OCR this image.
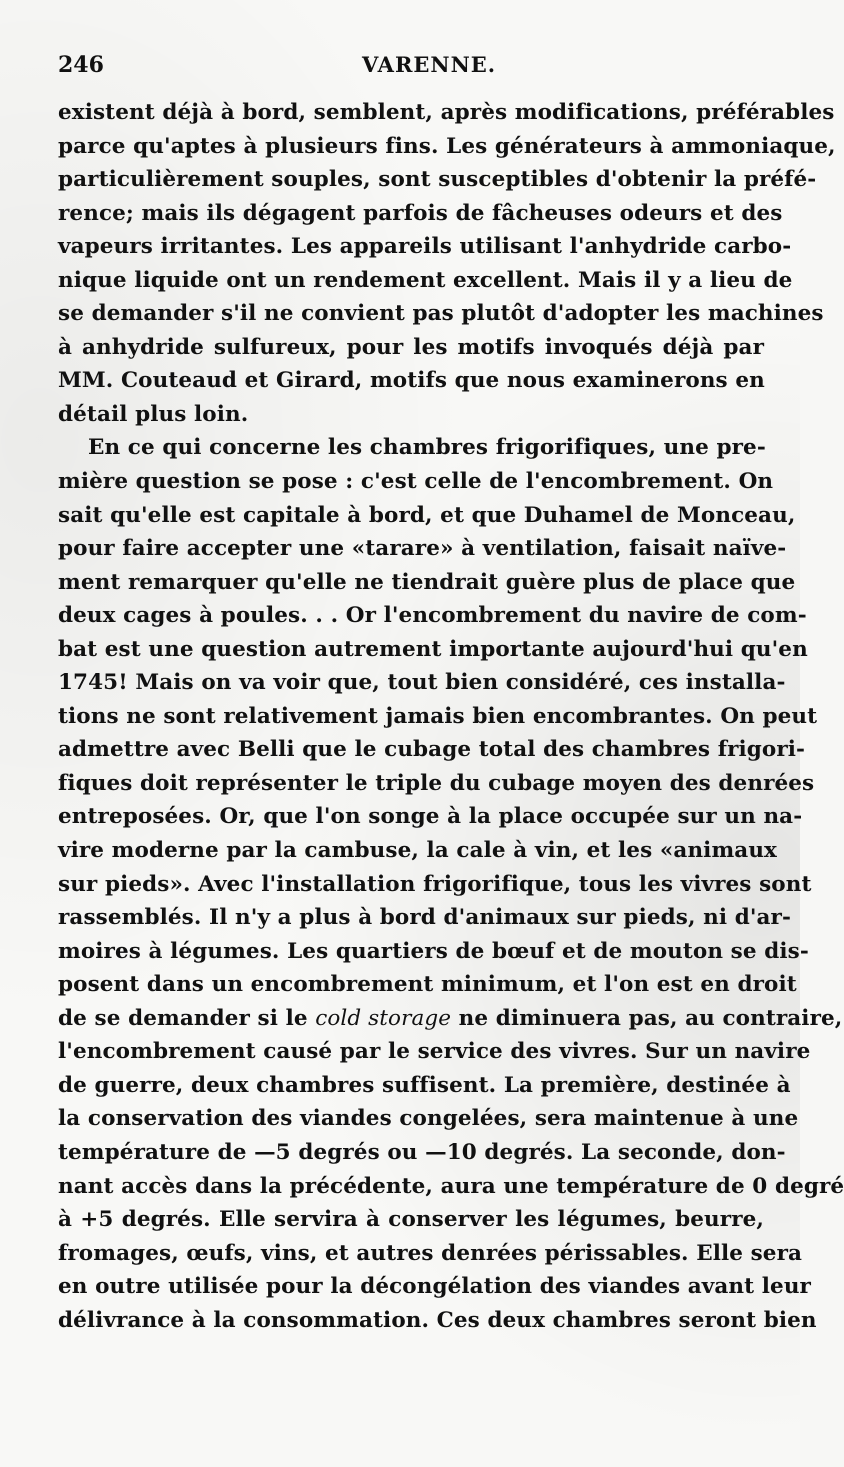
246	VARENNE.
existent déjà à bord, semblent, après modifications, préférables
parce qu'aptes à plusieurs fins. Les générateurs à ammoniaque,
particulièrement souples, sont susceptibles d'obtenir la préfé-
rence; mais ils dégagent parfois de fâcheuses odeurs et des
vapeurs irritantes. Les appareils utilisant l'anhydride carbo-
nique liquide ont un rendement excellent. Mais il y a lieu de
se demander s'il ne convient pas plutôt d'adopter les machines
à anhydride sulfureux, pour les motifs invoqués déjà par
MM. Couteaud et Girard, motifs que nous examinerons en
détail plus loin.
En ce qui concerne les chambres frigorifiques, une pre-
mière question se pose : c'est celle de l'encombrement. On
sait qu'elle est capitale à bord, et que Duhamel de Monceau,
pour faire accepter une «tarare» à ventilation, faisait naïve-
ment remarquer qu'elle ne tiendrait guère plus de place que
deux cages à poules. . . Or l'encombrement du navire de com-
bat est une question autrement importante aujourd'hui qu'en
1745! Mais on va voir que, tout bien considéré, ces installa-
tions ne sont relativement jamais bien encombrantes. On peut
admettre avec Belli que le cubage total des chambres frigori-
fiques doit représenter le triple du cubage moyen des denrées
entreposées. Or, que l'on songe à la place occupée sur un na-
vire moderne par la cambuse, la cale à vin, et les «animaux
sur pieds». Avec l'installation frigorifique, tous les vivres sont
rassemblés. Il n'y a plus à bord d'animaux sur pieds, ni d'ar-
moires à légumes. Les quartiers de bœuf et de mouton se dis-
posent dans un encombrement minimum, et l'on est en droit
de se demander si le cold storage ne diminuera pas, au contraire,
l'encombrement causé par le service des vivres. Sur un navire
de guerre, deux chambres suffisent. La première, destinée à
la conservation des viandes congelées, sera maintenue à une
température de —5 degrés ou —10 degrés. La seconde, don-
nant accès dans la précédente, aura une température de 0 degré
à +5 degrés. Elle servira à conserver les légumes, beurre,
fromages, œufs, vins, et autres denrées périssables. Elle sera
en outre utilisée pour la décongélation des viandes avant leur
délivrance à la consommation. Ces deux chambres seront bien
